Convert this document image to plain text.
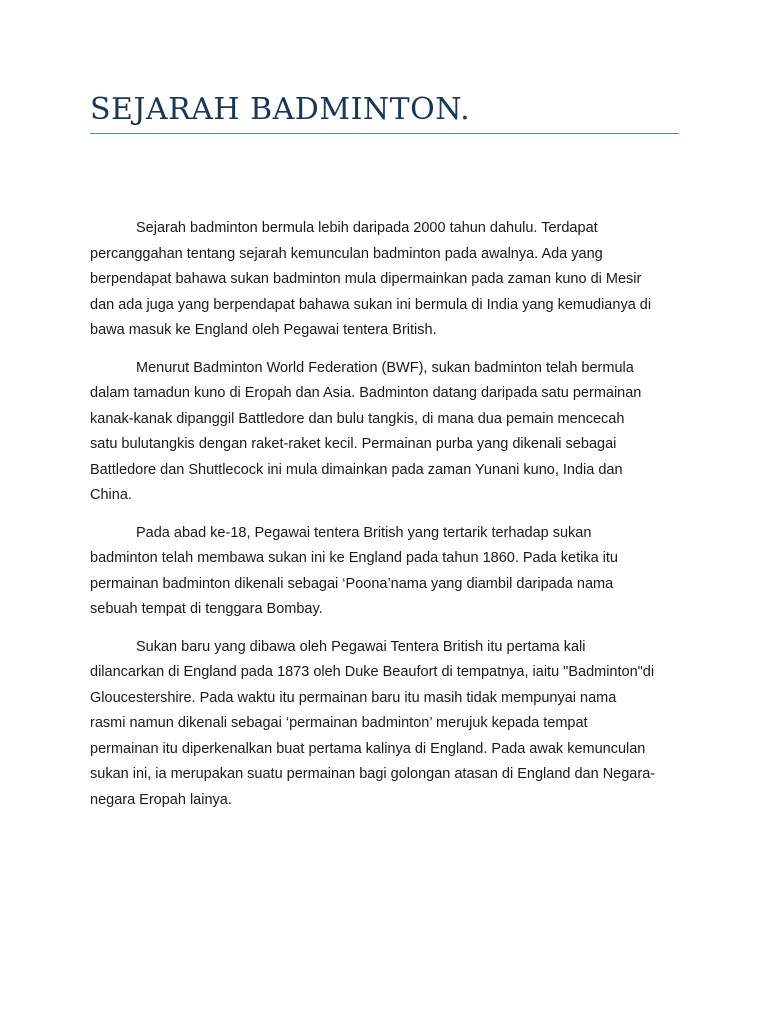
SEJARAH BADMINTON.

Sejarah badminton bermula lebih daripada 2000 tahun dahulu. Terdapat
percanggahan tentang sejarah kemunculan badminton pada awalnya. Ada yang
berpendapat bahawa sukan badminton mula dipermainkan pada zaman kuno di Mesir
dan ada juga yang berpendapat bahawa sukan ini bermula di India yang kemudianya di
bawa masuk ke England oleh Pegawai tentera British.

Menurut Badminton World Federation (BWF), sukan badminton telah bermula
dalam tamadun kuno di Eropah dan Asia. Badminton datang daripada satu permainan
kanak-kanak dipanggil Battledore dan bulu tangkis, di mana dua pemain mencecah
satu bulutangkis dengan raket-raket kecil. Permainan purba yang dikenali sebagai
Battledore dan Shuttlecock ini mula dimainkan pada zaman Yunani kuno, India dan
China.

Pada abad ke-18, Pegawai tentera British yang tertarik terhadap sukan
badminton telah membawa sukan ini ke England pada tahun 1860. Pada ketika itu
permainan badminton dikenali sebagai ‘Poona’nama yang diambil daripada nama
sebuah tempat di tenggara Bombay.

Sukan baru yang dibawa oleh Pegawai Tentera British itu pertama kali
dilancarkan di England pada 1873 oleh Duke Beaufort di tempatnya, iaitu "Badminton"di
Gloucestershire. Pada waktu itu permainan baru itu masih tidak mempunyai nama
rasmi namun dikenali sebagai ‘permainan badminton’ merujuk kepada tempat
permainan itu diperkenalkan buat pertama kalinya di England. Pada awak kemunculan
sukan ini, ia merupakan suatu permainan bagi golongan atasan di England dan Negara-
negara Eropah lainya.
